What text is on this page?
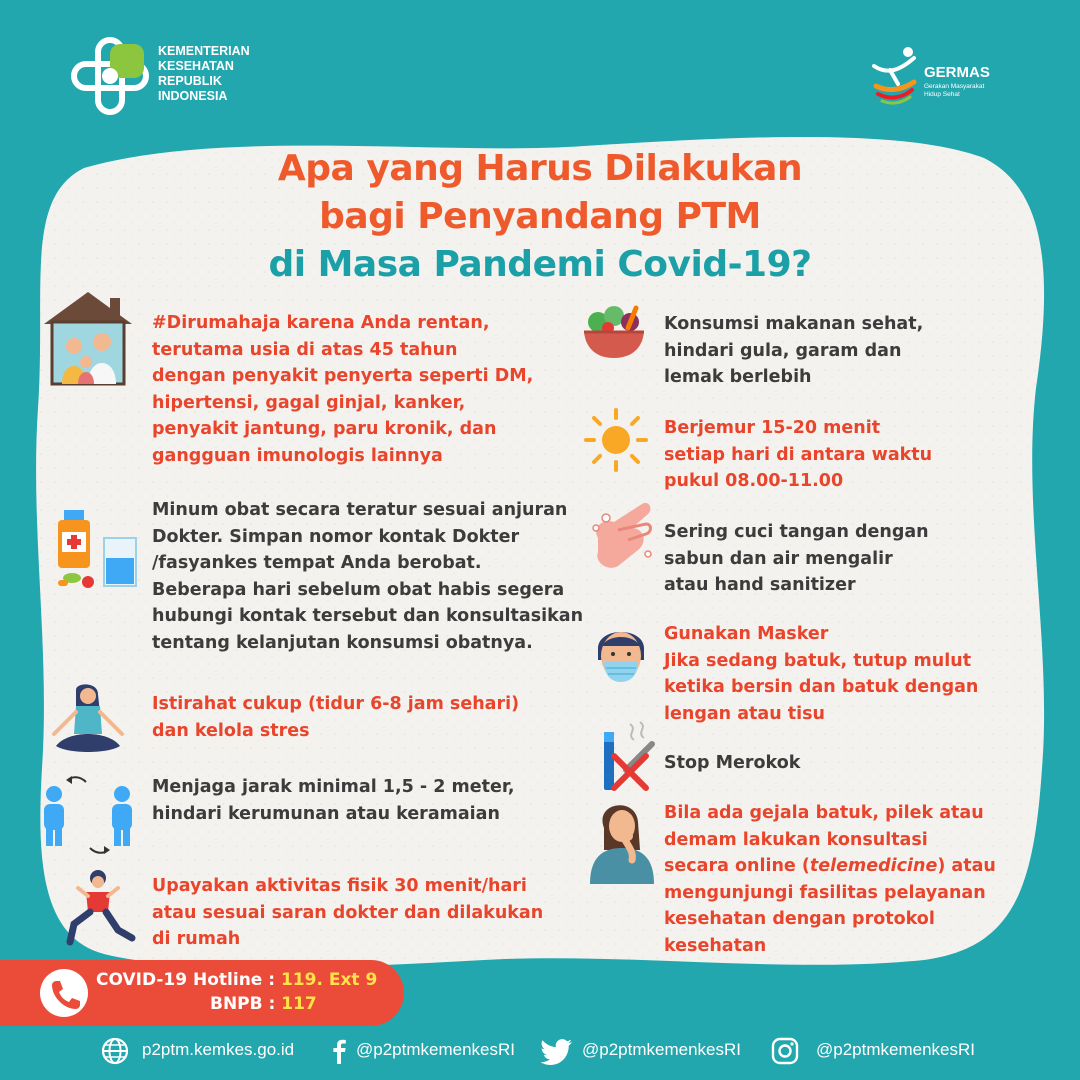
KEMENTERIAN
KESEHATAN
REPUBLIK
INDONESIA
GERMAS
Gerakan Masyarakat Hidup Sehat
Apa yang Harus Dilakukan
bagi Penyandang PTM
di Masa Pandemi Covid-19?
#Dirumahaja karena Anda rentan,
terutama usia di atas 45 tahun
dengan penyakit penyerta seperti DM,
hipertensi, gagal ginjal, kanker,
penyakit jantung, paru kronik, dan
gangguan imunologis lainnya
Minum obat secara teratur sesuai anjuran
Dokter. Simpan nomor kontak Dokter
/fasyankes tempat Anda berobat.
Beberapa hari sebelum obat habis segera
hubungi kontak tersebut dan konsultasikan
tentang kelanjutan konsumsi obatnya.
Istirahat cukup (tidur 6-8 jam sehari)
dan kelola stres
Menjaga jarak minimal 1,5 - 2 meter,
hindari kerumunan atau keramaian
Upayakan aktivitas fisik 30 menit/hari
atau sesuai saran dokter dan dilakukan
di rumah
Konsumsi makanan sehat,
hindari gula, garam dan
lemak berlebih
Berjemur 15-20 menit
setiap hari di antara waktu
pukul 08.00-11.00
Sering cuci tangan dengan
sabun dan air mengalir
atau hand sanitizer
Gunakan Masker
Jika sedang batuk, tutup mulut
ketika bersin dan batuk dengan
lengan atau tisu
Stop Merokok
Bila ada gejala batuk, pilek atau
demam lakukan konsultasi
secara online (telemedicine) atau
mengunjungi fasilitas pelayanan
kesehatan dengan protokol
kesehatan
COVID-19 Hotline : 119. Ext 9
BNPB : 117
p2ptm.kemkes.go.id	@p2ptmkemenkesRI	@p2ptmkemenkesRI	@p2ptmkemenkesRI
